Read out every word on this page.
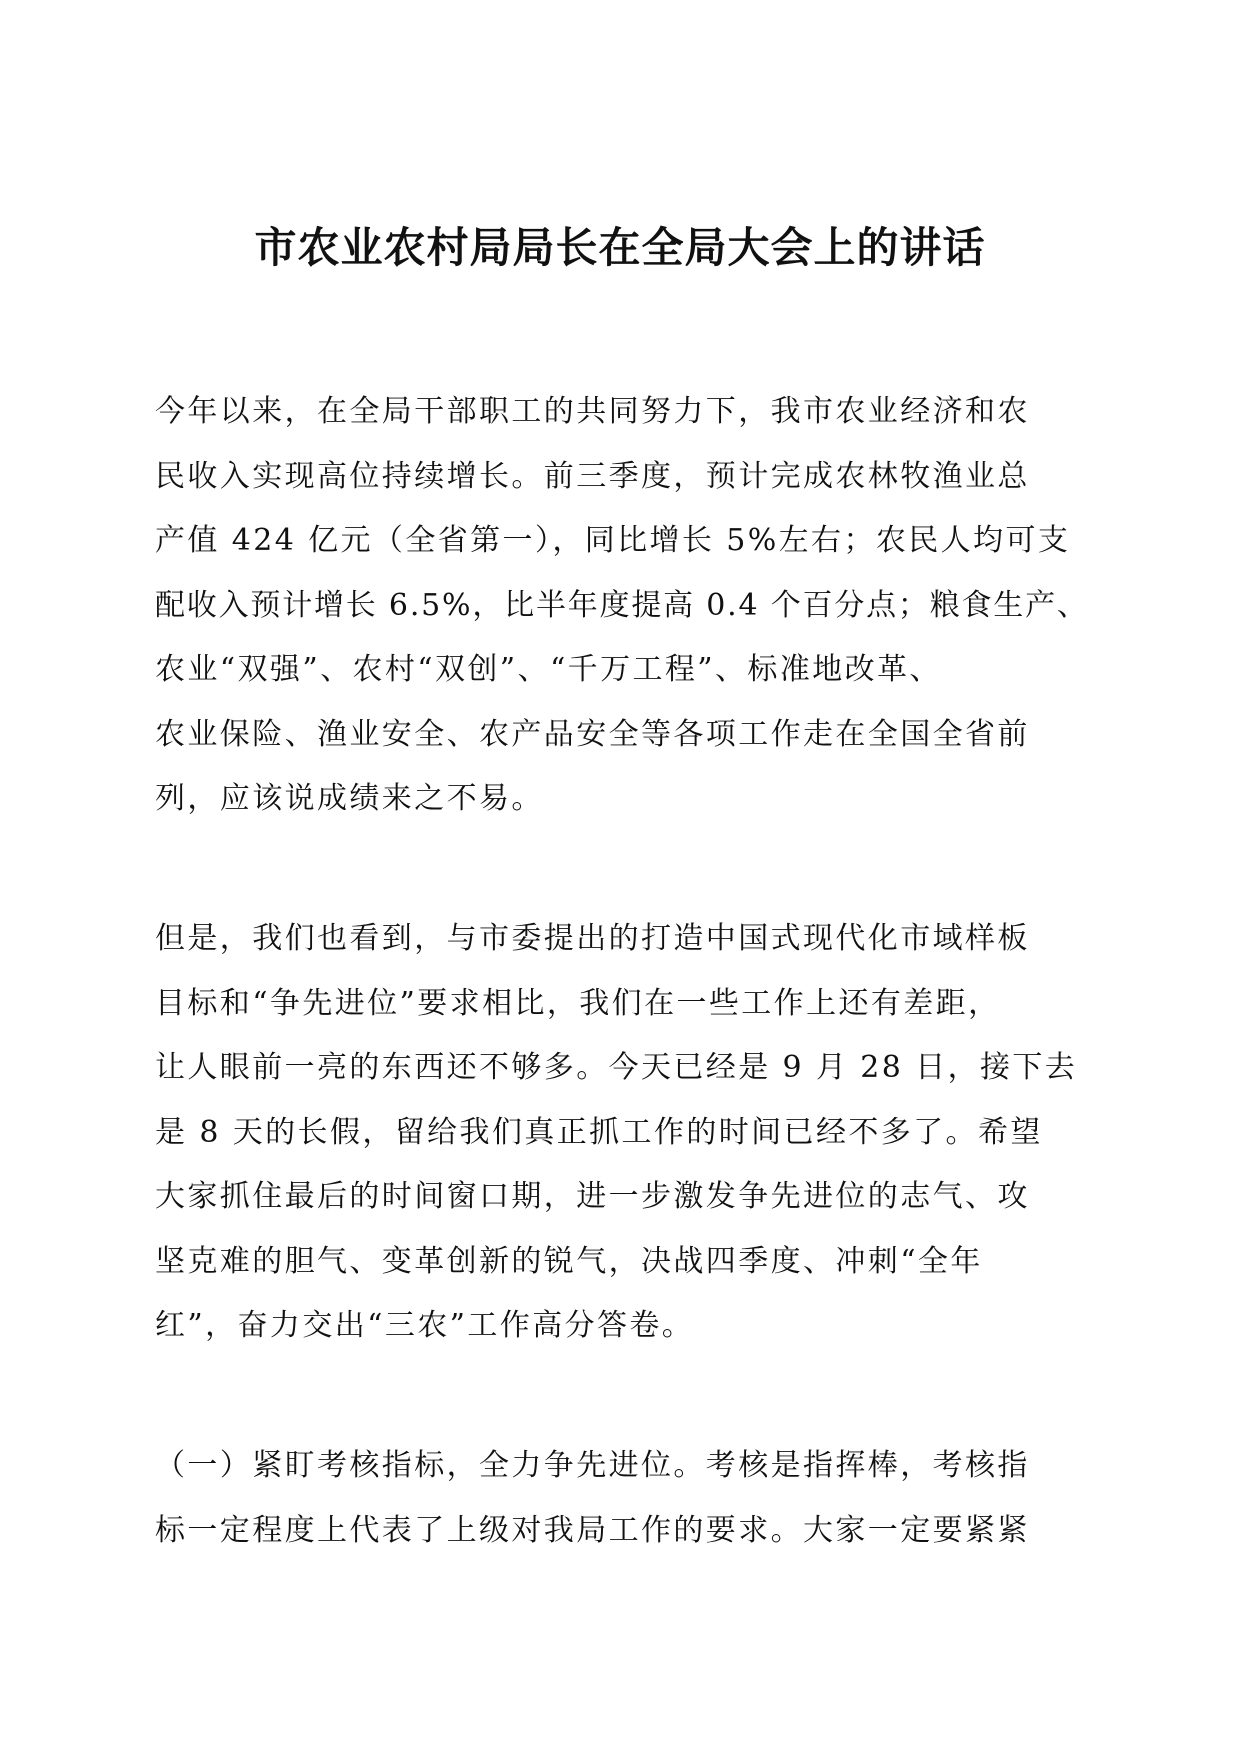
市农业农村局局长在全局大会上的讲话
今年以来，在全局干部职工的共同努力下，我市农业经济和农
民收入实现高位持续增长。前三季度，预计完成农林牧渔业总
产值 424 亿元（全省第一），同比增长 5%左右；农民人均可支
配收入预计增长 6.5%，比半年度提高 0.4 个百分点；粮食生产、
农业“双强”、农村“双创”、“千万工程”、标准地改革、
农业保险、渔业安全、农产品安全等各项工作走在全国全省前
列，应该说成绩来之不易。
但是，我们也看到，与市委提出的打造中国式现代化市域样板
目标和“争先进位”要求相比，我们在一些工作上还有差距，
让人眼前一亮的东西还不够多。今天已经是 9 月 28 日，接下去
是 8 天的长假，留给我们真正抓工作的时间已经不多了。希望
大家抓住最后的时间窗口期，进一步激发争先进位的志气、攻
坚克难的胆气、变革创新的锐气，决战四季度、冲刺“全年
红”，奋力交出“三农”工作高分答卷。
（一）紧盯考核指标，全力争先进位。考核是指挥棒，考核指
标一定程度上代表了上级对我局工作的要求。大家一定要紧紧
